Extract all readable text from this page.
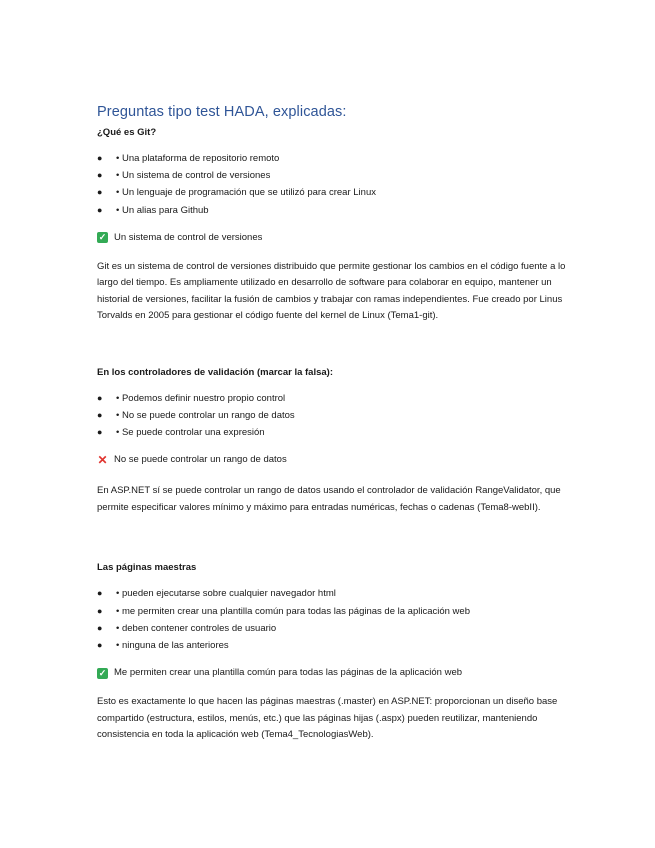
Preguntas tipo test HADA, explicadas:

¿Qué es Git?

● • Una plataforma de repositorio remoto
● • Un sistema de control de versiones
● • Un lenguaje de programación que se utilizó para crear Linux
● • Un alias para Github
✓ Un sistema de control de versiones

Git es un sistema de control de versiones distribuido que permite gestionar los cambios en el código fuente a lo largo del tiempo. Es ampliamente utilizado en desarrollo de software para colaborar en equipo, mantener un historial de versiones, facilitar la fusión de cambios y trabajar con ramas independientes. Fue creado por Linus Torvalds en 2005 para gestionar el código fuente del kernel de Linux (Tema1-git).

En los controladores de validación (marcar la falsa):

● • Podemos definir nuestro propio control
● • No se puede controlar un rango de datos
● • Se puede controlar una expresión
✕ No se puede controlar un rango de datos

En ASP.NET sí se puede controlar un rango de datos usando el controlador de validación RangeValidator, que permite especificar valores mínimo y máximo para entradas numéricas, fechas o cadenas (Tema8-webII).

Las páginas maestras

● • pueden ejecutarse sobre cualquier navegador html
● • me permiten crear una plantilla común para todas las páginas de la aplicación web
● • deben contener controles de usuario
● • ninguna de las anteriores
✓ Me permiten crear una plantilla común para todas las páginas de la aplicación web

Esto es exactamente lo que hacen las páginas maestras (.master) en ASP.NET: proporcionan un diseño base compartido (estructura, estilos, menús, etc.) que las páginas hijas (.aspx) pueden reutilizar, manteniendo consistencia en toda la aplicación web (Tema4_TecnologiasWeb).
